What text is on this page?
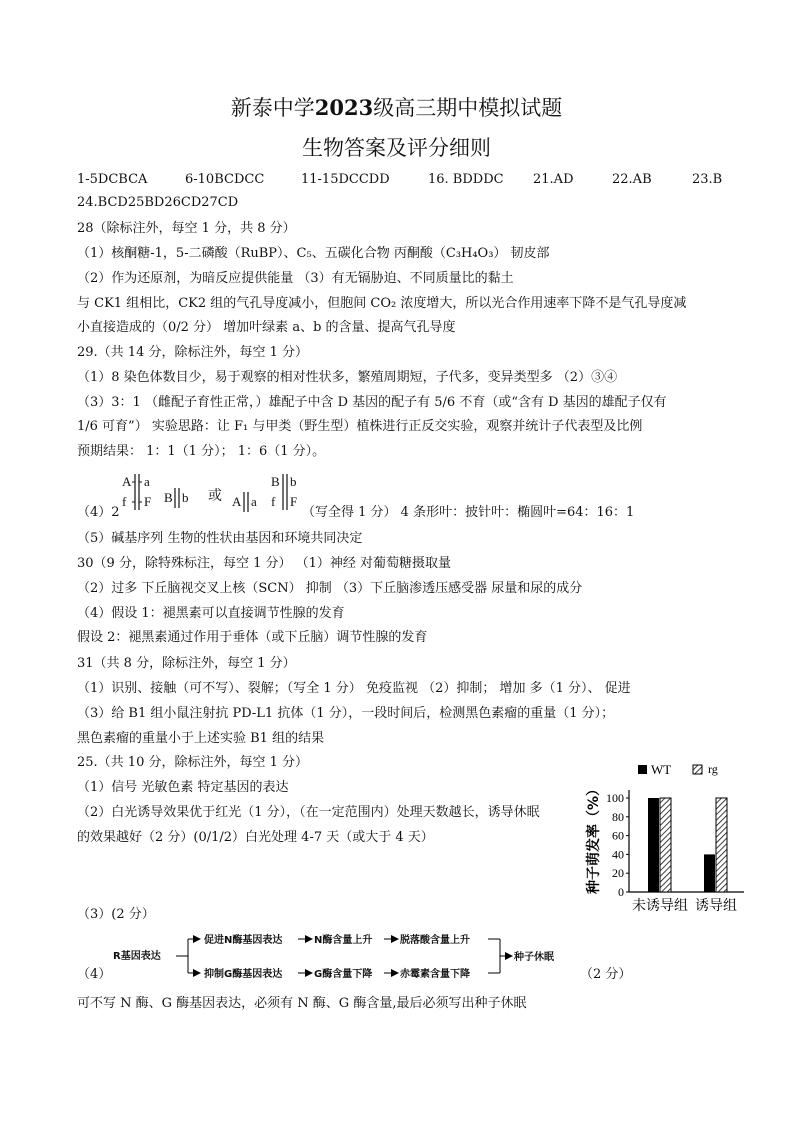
新泰中学2023级高三期中模拟试题
生物答案及评分细则
1-5DCBCA	6-10BCDCC	11-15DCCDD	16. BDDDC 21.AD	22.AB	23.B
24.BCD25BD26CD27CD
28（除标注外，每空 1 分，共 8 分）
（1）核酮糖-1，5-二磷酸（RuBP）、C₅、五碳化合物 丙酮酸（C₃H₄O₃） 韧皮部
（2）作为还原剂，为暗反应提供能量 （3）有无镉胁迫、不同质量比的黏土
与 CK1 组相比，CK2 组的气孔导度减小，但胞间 CO₂ 浓度增大，所以光合作用速率下降不是气孔导度减
小直接造成的（0/2 分） 增加叶绿素 a、b 的含量、提高气孔导度
29.（共 14 分，除标注外，每空 1 分）
（1）8 染色体数目少，易于观察的相对性状多，繁殖周期短，子代多，变异类型多 （2）③④
（3）3：1 （雌配子育性正常，）雄配子中含 D 基因的配子有 5/6 不育（或“含有 D 基因的雄配子仅有
1/6 可育”） 实验思路：让 F₁ 与甲类（野生型）植株进行正反交实验，观察并统计子代表型及比例
预期结果： 1：1（1 分）； 1：6（1 分）。
（4）2
A
f
a
F B b 或 A a
B
f
b
F
（写全得 1 分） 4 条形叶：披针叶：椭圆叶=64：16：1
（5）碱基序列 生物的性状由基因和环境共同决定
30（9 分，除特殊标注，每空 1 分） （1）神经 对葡萄糖摄取量
（2）过多 下丘脑视交叉上核（SCN） 抑制 （3）下丘脑渗透压感受器 尿量和尿的成分
（4）假设 1：褪黑素可以直接调节性腺的发育
假设 2：褪黑素通过作用于垂体（或下丘脑）调节性腺的发育
31（共 8 分，除标注外，每空 1 分）
（1）识别、接触（可不写）、裂解；（写全 1 分） 免疫监视 （2）抑制； 增加 多（1 分）、 促进
（3）给 B1 组小鼠注射抗 PD-L1 抗体（1 分），一段时间后，检测黑色素瘤的重量（1 分）；
黑色素瘤的重量小于上述实验 B1 组的结果
25.（共 10 分，除标注外，每空 1 分）
（1）信号 光敏色素 特定基因的表达
（2）白光诱导效果优于红光（1 分），（在一定范围内）处理天数越长，诱导休眠
的效果越好（2 分）(0/1/2）白光处理 4-7 天（或大于 4 天）
（3）(2 分）
WT	rg
种子萌发率（%） 100
80
60
40
20
0
未诱导组 诱导组
（4）
R基因表达
促进N酶基因表达	N酶含量上升	脱落酸含量上升
抑制G酶基因表达	G酶含量下降	赤霉素含量下降
种子休眠
（2 分）
可不写 N 酶、G 酶基因表达，必须有 N 酶、G 酶含量,最后必须写出种子休眠
